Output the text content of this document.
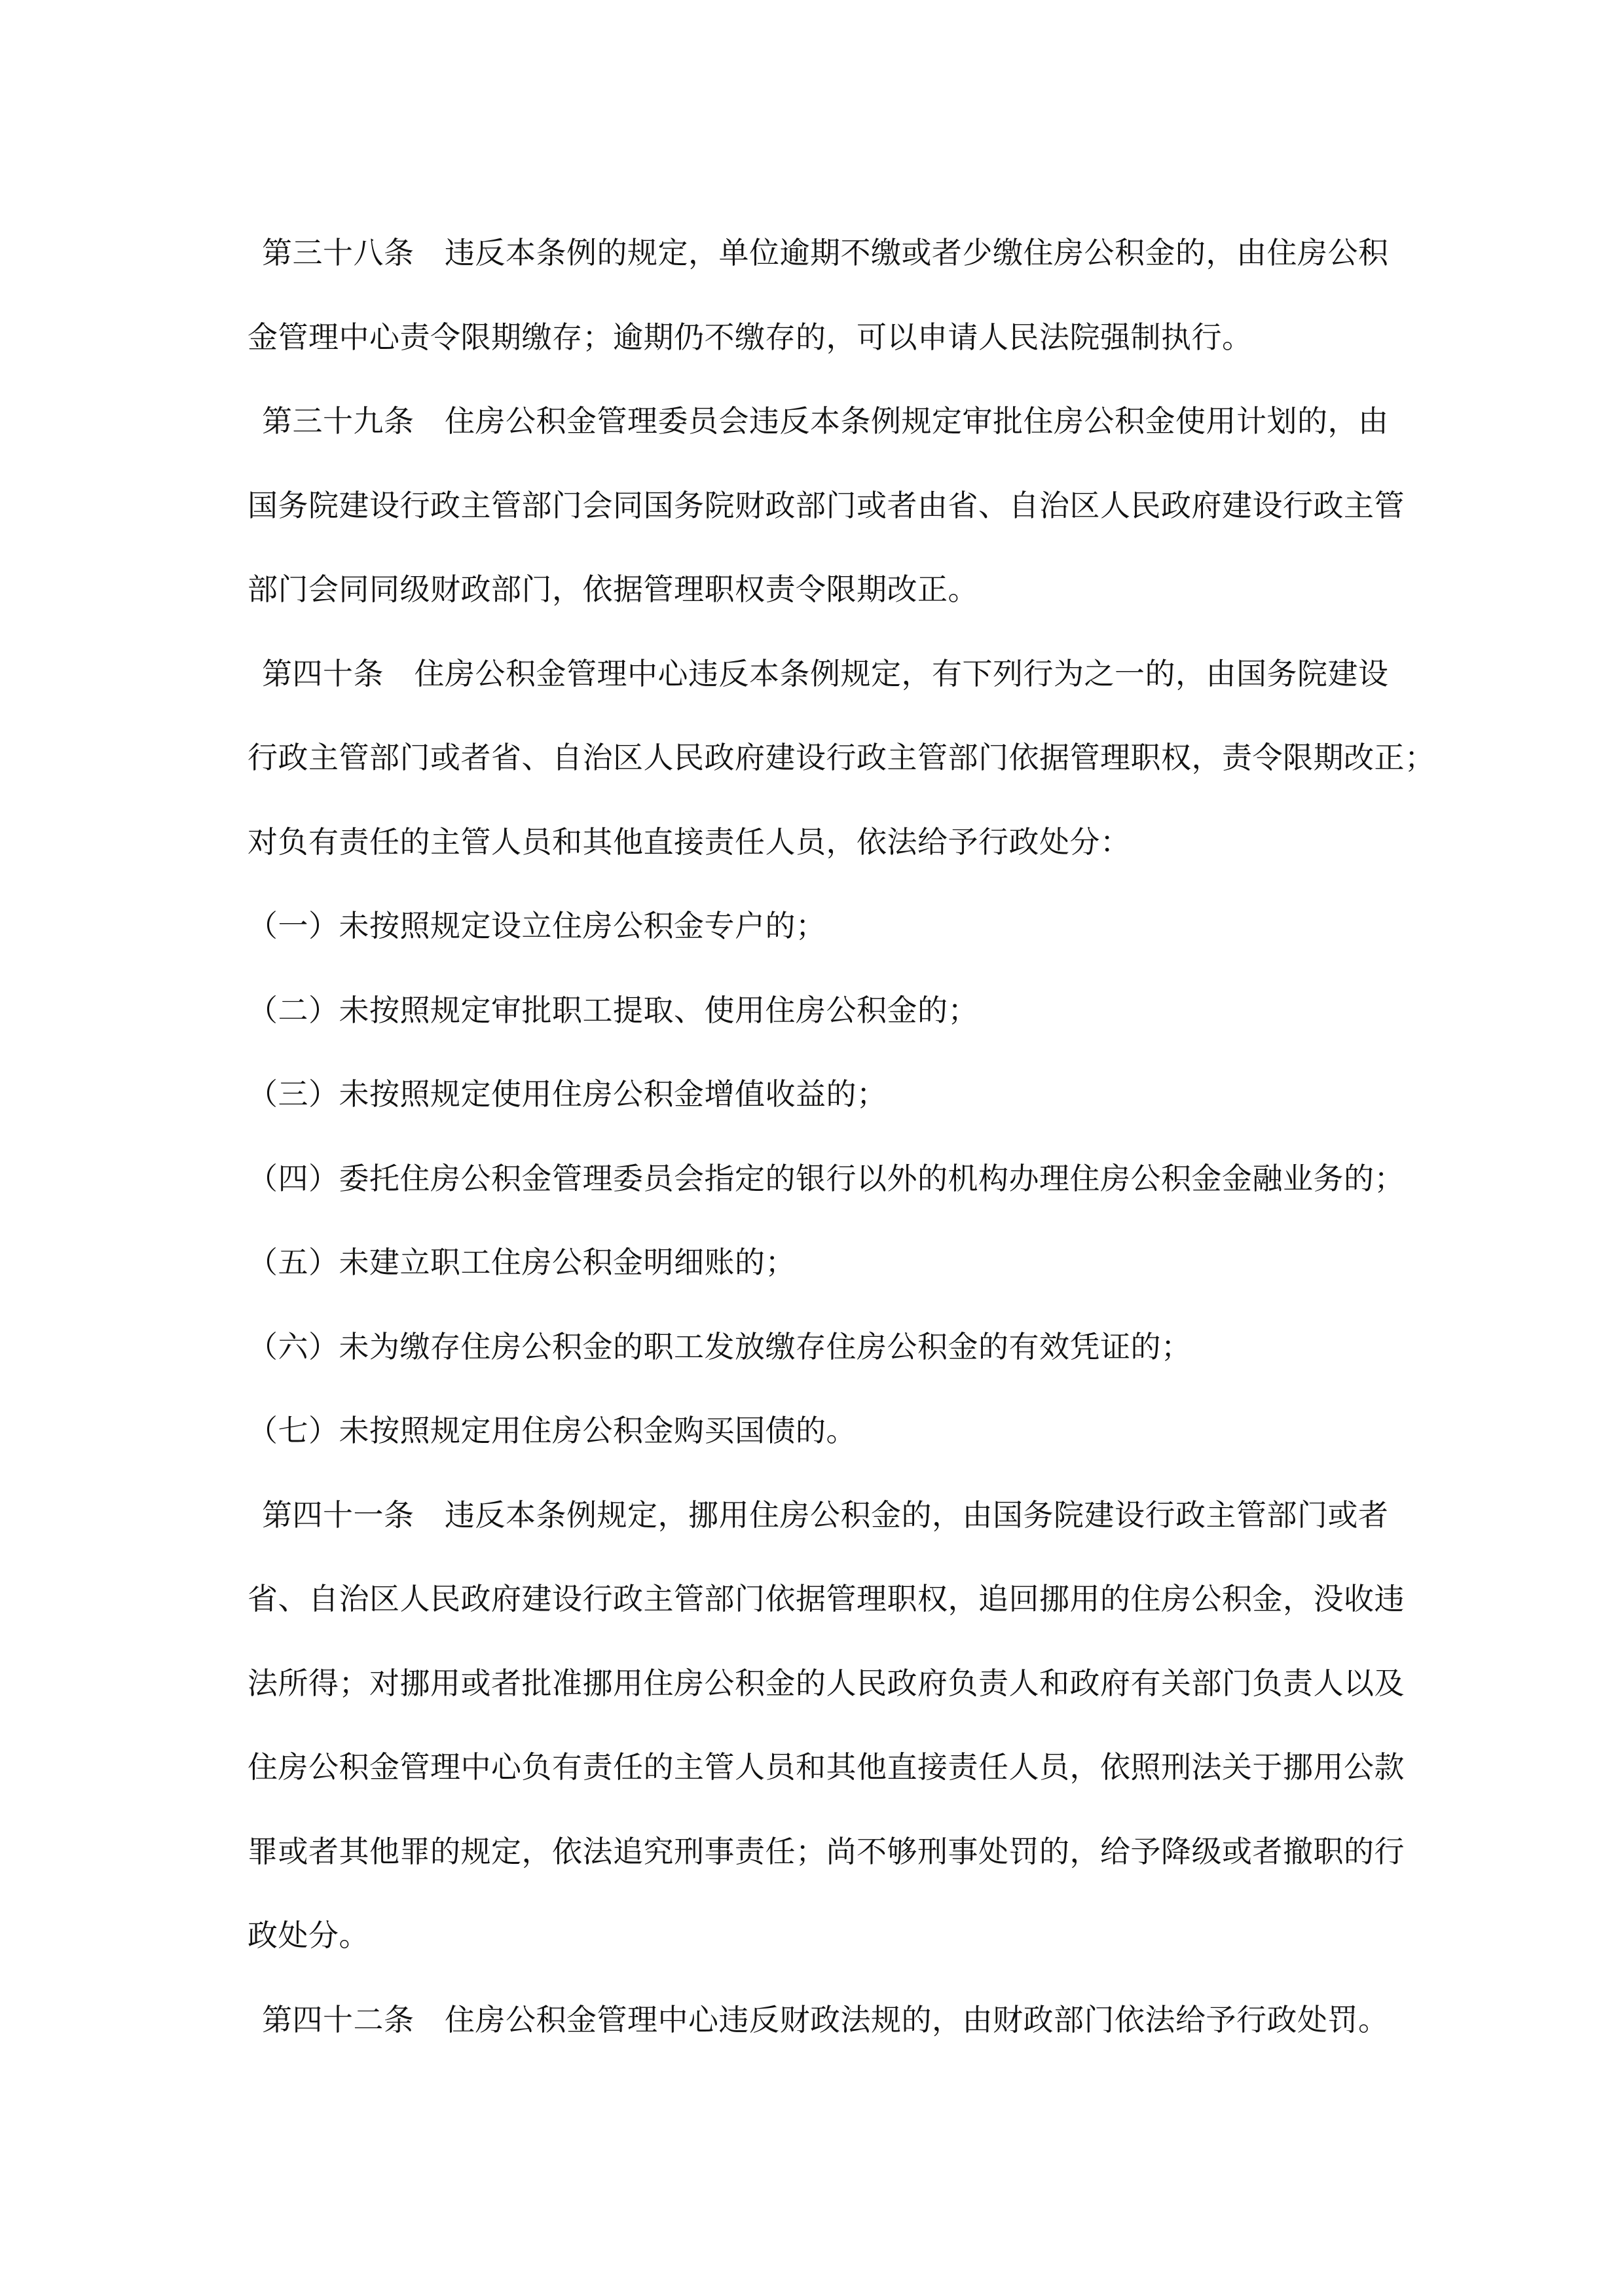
第三十八条　违反本条例的规定，单位逾期不缴或者少缴住房公积金的，由住房公积
金管理中心责令限期缴存；逾期仍不缴存的，可以申请人民法院强制执行。
第三十九条　住房公积金管理委员会违反本条例规定审批住房公积金使用计划的，由
国务院建设行政主管部门会同国务院财政部门或者由省、自治区人民政府建设行政主管
部门会同同级财政部门，依据管理职权责令限期改正。
第四十条　住房公积金管理中心违反本条例规定，有下列行为之一的，由国务院建设
行政主管部门或者省、自治区人民政府建设行政主管部门依据管理职权，责令限期改正；
对负有责任的主管人员和其他直接责任人员，依法给予行政处分：
（一）未按照规定设立住房公积金专户的；
（二）未按照规定审批职工提取、使用住房公积金的；
（三）未按照规定使用住房公积金增值收益的；
（四）委托住房公积金管理委员会指定的银行以外的机构办理住房公积金金融业务的；
（五）未建立职工住房公积金明细账的；
（六）未为缴存住房公积金的职工发放缴存住房公积金的有效凭证的；
（七）未按照规定用住房公积金购买国债的。
第四十一条　违反本条例规定，挪用住房公积金的，由国务院建设行政主管部门或者
省、自治区人民政府建设行政主管部门依据管理职权，追回挪用的住房公积金，没收违
法所得；对挪用或者批准挪用住房公积金的人民政府负责人和政府有关部门负责人以及
住房公积金管理中心负有责任的主管人员和其他直接责任人员，依照刑法关于挪用公款
罪或者其他罪的规定，依法追究刑事责任；尚不够刑事处罚的，给予降级或者撤职的行
政处分。
第四十二条　住房公积金管理中心违反财政法规的，由财政部门依法给予行政处罚。
